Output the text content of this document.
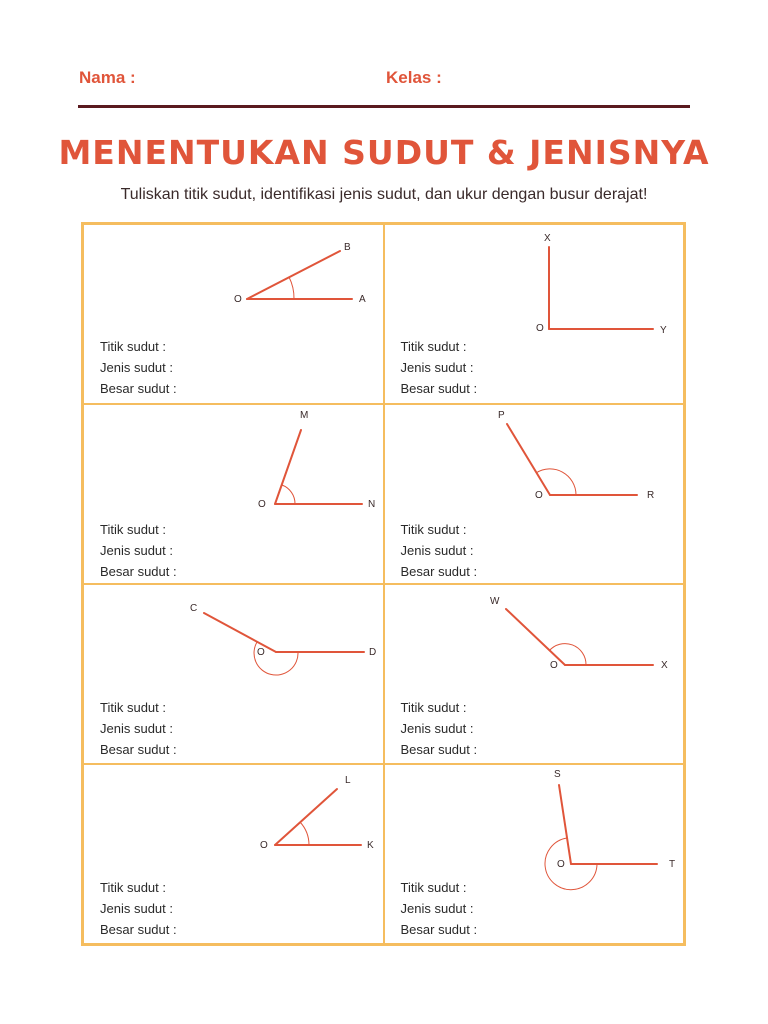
Nama :	Kelas :
MENENTUKAN SUDUT & JENISNYA
Tuliskan titik sudut, identifikasi jenis sudut, dan ukur dengan busur derajat!
O
B
A
Titik sudut :
Jenis sudut :
Besar sudut :
O
X
Y
Titik sudut :
Jenis sudut :
Besar sudut :
O
M
N
Titik sudut :
Jenis sudut :
Besar sudut :
O
P
R
Titik sudut :
Jenis sudut :
Besar sudut :
O
C
D
Titik sudut :
Jenis sudut :
Besar sudut :
O
W
X
Titik sudut :
Jenis sudut :
Besar sudut :
O
L
K
Titik sudut :
Jenis sudut :
Besar sudut :
O
S
T
Titik sudut :
Jenis sudut :
Besar sudut :
